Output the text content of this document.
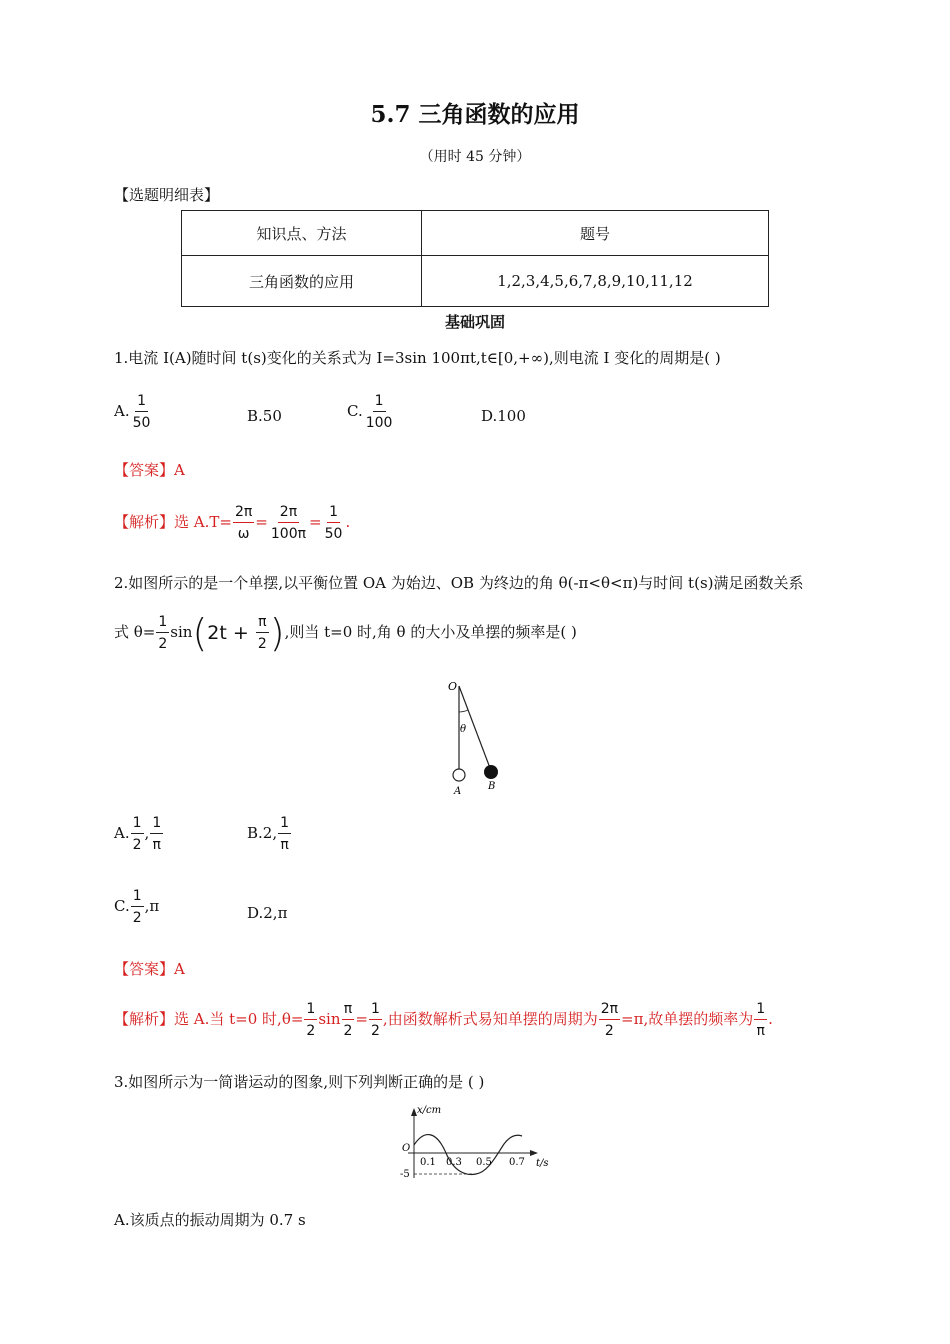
5.7 三角函数的应用
（用时 45 分钟）
【选题明细表】
知识点、方法	题号
三角函数的应用	1,2,3,4,5,6,7,8,9,10,11,12
基础巩固
1.电流 I(A)随时间 t(s)变化的关系式为 I=3sin 100πt,t∈[0,+∞),则电流 I 变化的周期是( )
A. $\frac{1}{50}$	B.50	C. $\frac{1}{100}$	D.100
【答案】A
【解析】选 $A.T= \frac{2\pi}{\omega} = \frac{2\pi}{100\pi} = \frac{1}{50}$ .
2.如图所示的是一个单摆,以平衡位置 OA 为始边、OB 为终边的角 θ(-π<θ<π)与时间 t(s)满足函数关系
式 $\theta= \frac{1}{2} \sin(2t + \frac{\pi}{2}$ ),则当 t=0 时,角 θ 的大小及单摆的频率是( )
O
θ
A	B
A. $\frac{1}{2}$ , $\frac{1}{\pi}$	B.2, $\frac{1}{\pi}$
C. $\frac{1}{2} ,\pi$	D.2,π
【答案】A
【解析】选 A.当 t=0 时$,\theta= \frac{1}{2}$ $\sin \frac{\pi}{2} = \frac{1}{2}$ ,由函数解析式易知单摆的周期为 $\frac{2\pi}{2} =\pi$,故单摆的频率为 $\frac{1}{\pi}$ .
3.如图所示为一简谐运动的图象,则下列判断正确的是 ( )
x/cm
t/s
O
-5
0.1 0.3 0.5 0.7
A.该质点的振动周期为 0.7 s
